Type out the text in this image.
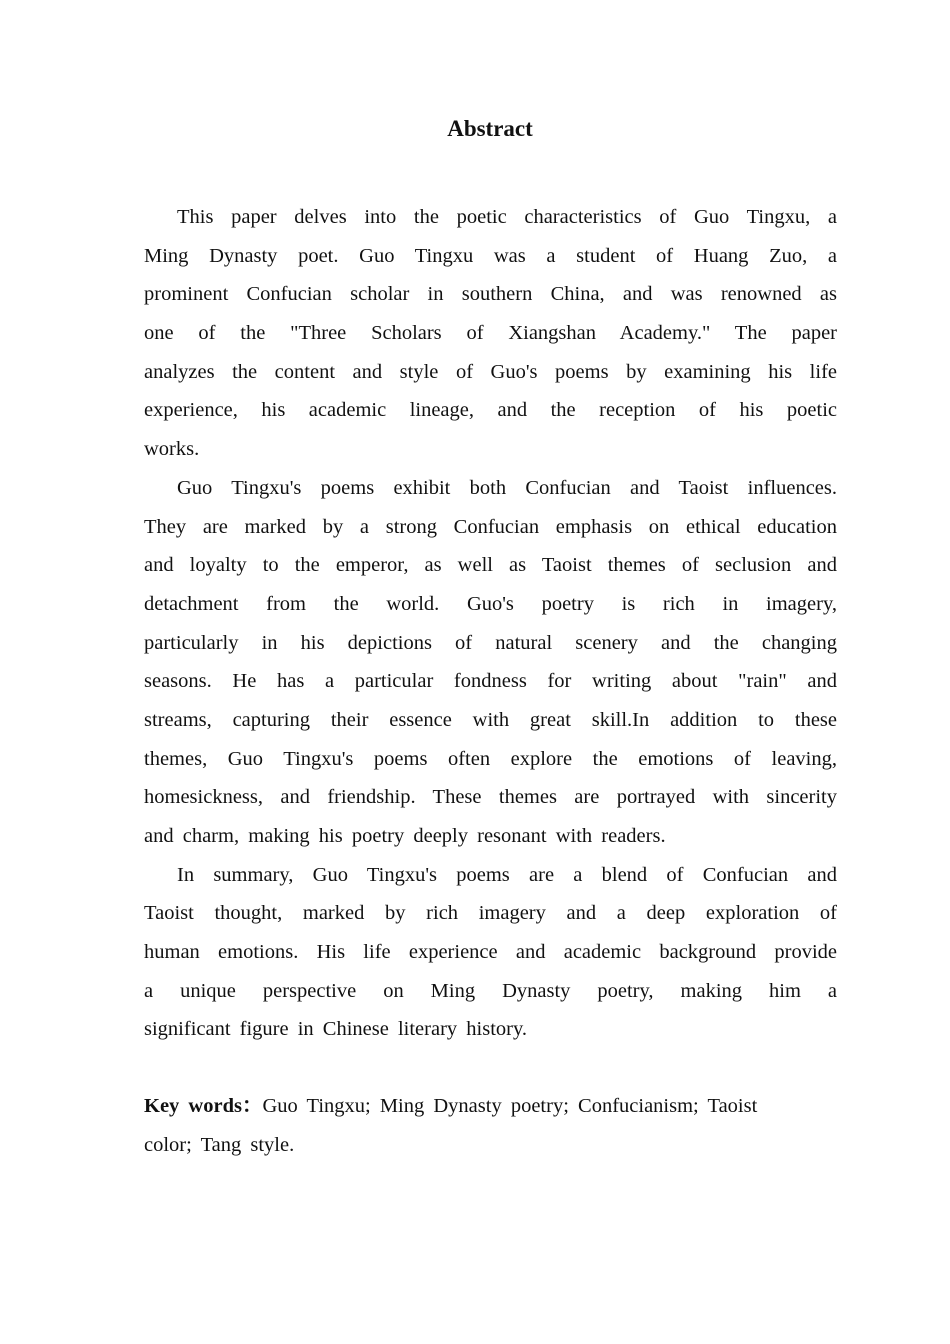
Abstract
This paper delves into the poetic characteristics of Guo Tingxu, a
Ming Dynasty poet. Guo Tingxu was a student of Huang Zuo, a
prominent Confucian scholar in southern China, and was renowned as
one of the "Three Scholars of Xiangshan Academy." The paper
analyzes the content and style of Guo's poems by examining his life
experience, his academic lineage, and the reception of his poetic
works.
Guo Tingxu's poems exhibit both Confucian and Taoist influences.
They are marked by a strong Confucian emphasis on ethical education
and loyalty to the emperor, as well as Taoist themes of seclusion and
detachment from the world. Guo's poetry is rich in imagery,
particularly in his depictions of natural scenery and the changing
seasons. He has a particular fondness for writing about "rain" and
streams, capturing their essence with great skill.In addition to these
themes, Guo Tingxu's poems often explore the emotions of leaving,
homesickness, and friendship. These themes are portrayed with sincerity
and charm, making his poetry deeply resonant with readers.
In summary, Guo Tingxu's poems are a blend of Confucian and
Taoist thought, marked by rich imagery and a deep exploration of
human emotions. His life experience and academic background provide
a unique perspective on Ming Dynasty poetry, making him a
significant figure in Chinese literary history.
Key words：Guo Tingxu; Ming Dynasty poetry; Confucianism; Taoist
color; Tang style.
